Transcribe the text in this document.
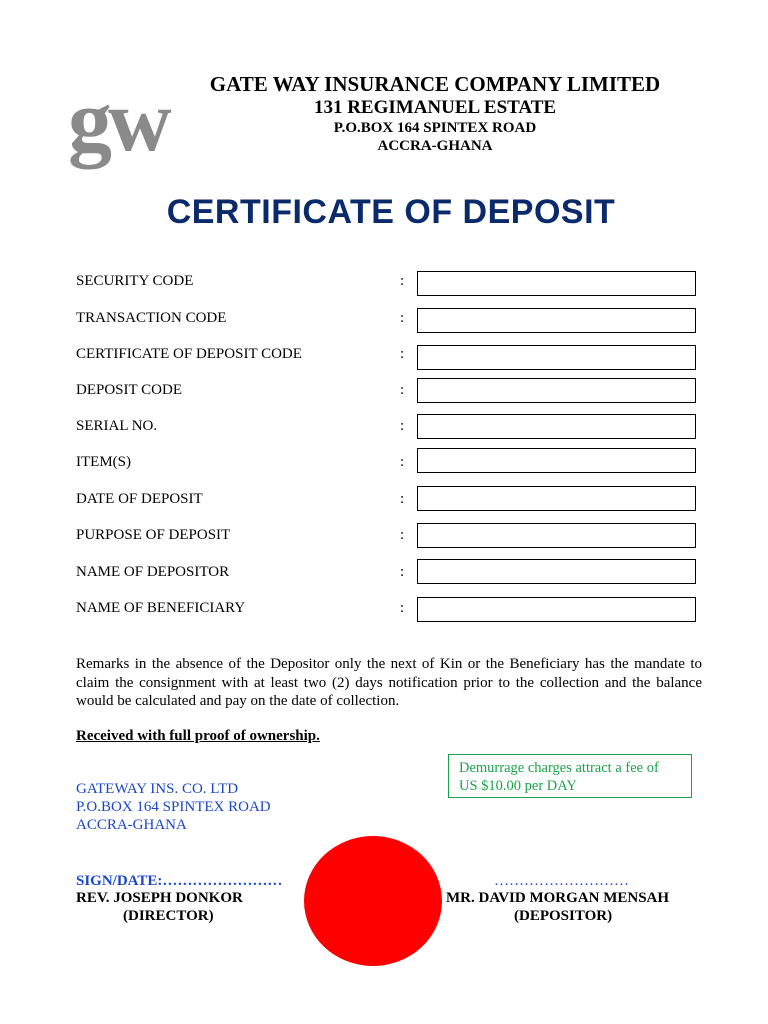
gw	GATE WAY INSURANCE COMPANY LIMITED
131 REGIMANUEL ESTATE
P.O.BOX 164 SPINTEX ROAD
ACCRA-GHANA
CERTIFICATE OF DEPOSIT
SECURITY CODE	:
TRANSACTION CODE	:
CERTIFICATE OF DEPOSIT CODE	:
DEPOSIT CODE	:
SERIAL NO.	:
ITEM(S)	:
DATE OF DEPOSIT	:
PURPOSE OF DEPOSIT	:
NAME OF DEPOSITOR	:
NAME OF BENEFICIARY	:
Remarks in the absence of the Depositor only the next of Kin or the Beneficiary has the mandate to claim the consignment with at least two (2) days notification prior to the collection and the balance would be calculated and pay on the date of collection.
Received with full proof of ownership.
Demurrage charges attract a fee of
US $10.00 per DAY
GATEWAY INS. CO. LTD
P.O.BOX 164 SPINTEX ROAD
ACCRA-GHANA
SIGN/DATE:……………………	………………………
REV. JOSEPH DONKOR
(DIRECTOR)
MR. DAVID MORGAN MENSAH
(DEPOSITOR)
